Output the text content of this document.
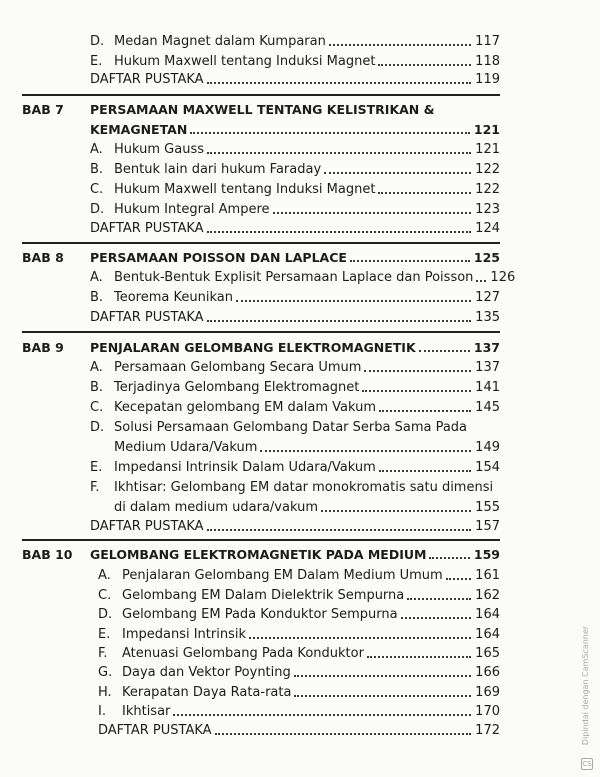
D. Medan Magnet dalam Kumparan	117
E. Hukum Maxwell tentang Induksi Magnet	118
DAFTAR PUSTAKA	119
BAB 7 PERSAMAAN MAXWELL TENTANG KELISTRIKAN &
KEMAGNETAN	121
A. Hukum Gauss	121
B. Bentuk lain dari hukum Faraday	122
C. Hukum Maxwell tentang Induksi Magnet	122
D. Hukum Integral Ampere	123
DAFTAR PUSTAKA	124
BAB 8 PERSAMAAN POISSON DAN LAPLACE	125
A. Bentuk-Bentuk Explisit Persamaan Laplace dan Poisson 126
B. Teorema Keunikan	127
DAFTAR PUSTAKA	135
BAB 9 PENJALARAN GELOMBANG ELEKTROMAGNETIK	137
A. Persamaan Gelombang Secara Umum	137
B. Terjadinya Gelombang Elektromagnet	141
C. Kecepatan gelombang EM dalam Vakum	145
D. Solusi Persamaan Gelombang Datar Serba Sama Pada
Medium Udara/Vakum	149
E. Impedansi Intrinsik Dalam Udara/Vakum	154
F.	Ikhtisar: Gelombang EM datar monokromatis satu dimensi
di dalam medium udara/vakum	155
DAFTAR PUSTAKA	157
BAB 10 GELOMBANG ELEKTROMAGNETIK PADA MEDIUM	159
A. Penjalaran Gelombang EM Dalam Medium Umum 161
C. Gelombang EM Dalam Dielektrik Sempurna	162
D. Gelombang EM Pada Konduktor Sempurna	164
E. Impedansi Intrinsik	164
F.	Atenuasi Gelombang Pada Konduktor	165
G. Daya dan Vektor Poynting	166
H. Kerapatan Daya Rata-rata	169
I.	Ikhtisar	170
DAFTAR PUSTAKA	172	Dipindai dengan CamScanner
CS
